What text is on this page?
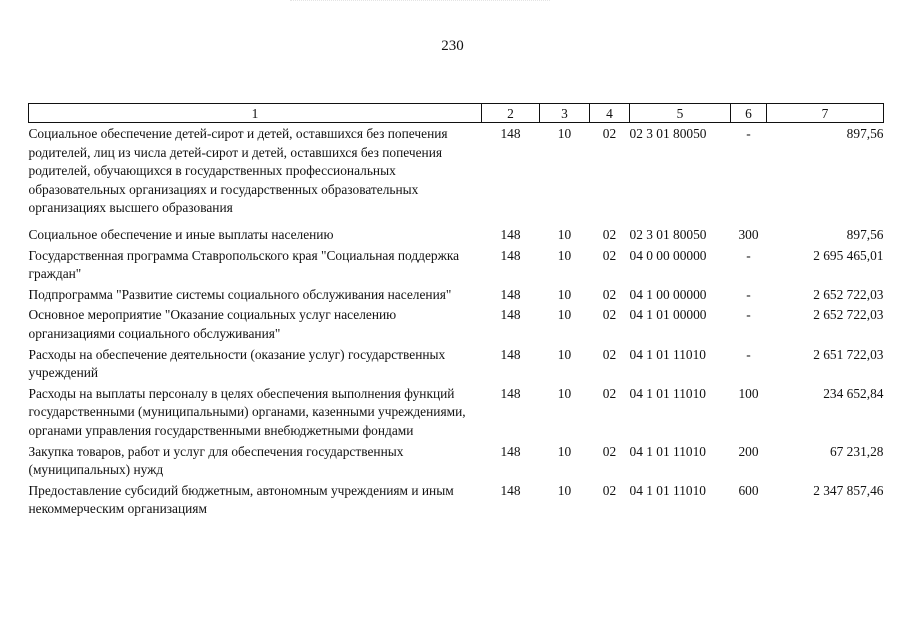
230
1	2	3	4	5	6	7
Социальное обеспечение детей-сирот и детей, оставшихся без попечения родителей, лиц из числа детей-сирот и детей, оставшихся без попечения родителей, обучающихся в государственных профессиональных образовательных организациях и государственных образовательных организациях высшего образования	148	10	02	02 3 01 80050	-	897,56
Социальное обеспечение и иные выплаты населению	148	10	02	02 3 01 80050	300	897,56
Государственная программа Ставропольского края "Социальная поддержка граждан"	148	10	02	04 0 00 00000	-	2 695 465,01
Подпрограмма "Развитие системы социального обслуживания населения"	148	10	02	04 1 00 00000	-	2 652 722,03
Основное мероприятие "Оказание социальных услуг населению организациями социального обслуживания"	148	10	02	04 1 01 00000	-	2 652 722,03
Расходы на обеспечение деятельности (оказание услуг) государственных учреждений	148	10	02	04 1 01 11010	-	2 651 722,03
Расходы на выплаты персоналу в целях обеспечения выполнения функций государственными (муниципальными) органами, казенными учреждениями, органами управления государственными внебюджетными фондами	148	10	02	04 1 01 11010	100	234 652,84
Закупка товаров, работ и услуг для обеспечения государственных (муниципальных) нужд	148	10	02	04 1 01 11010	200	67 231,28
Предоставление субсидий бюджетным, автономным учреждениям и иным некоммерческим организациям	148	10	02	04 1 01 11010	600	2 347 857,46
